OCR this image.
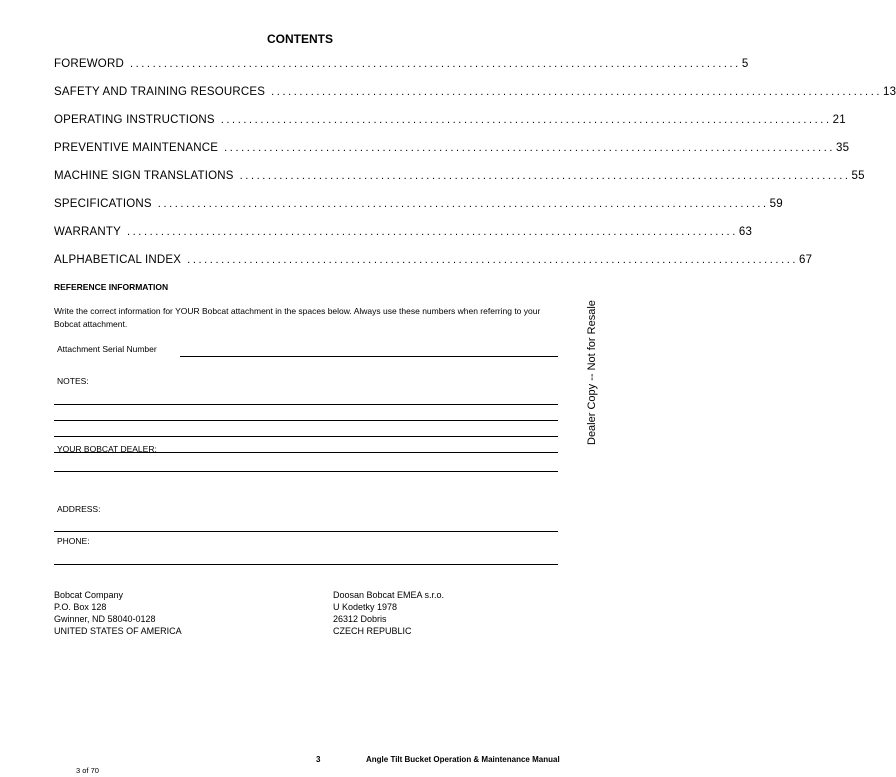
CONTENTS
FOREWORD ............................................................................................................ 5
SAFETY AND TRAINING RESOURCES ............................................................................................................ 13
OPERATING INSTRUCTIONS ............................................................................................................ 21
PREVENTIVE MAINTENANCE ............................................................................................................ 35
MACHINE SIGN TRANSLATIONS ............................................................................................................ 55
SPECIFICATIONS ............................................................................................................ 59
WARRANTY ............................................................................................................ 63
ALPHABETICAL INDEX ............................................................................................................ 67
REFERENCE INFORMATION
Write the correct information for YOUR Bobcat attachment in the spaces below. Always use these numbers when referring to your Bobcat attachment.
Attachment Serial Number
NOTES:
YOUR BOBCAT DEALER:
ADDRESS:
PHONE:
Bobcat Company
P.O. Box 128
Gwinner, ND 58040-0128
UNITED STATES OF AMERICA
Doosan Bobcat EMEA s.r.o.
U Kodetky 1978
26312 Dobris
CZECH REPUBLIC
Dealer Copy -- Not for Resale
3	Angle Tilt Bucket Operation & Maintenance Manual
3 of 70
